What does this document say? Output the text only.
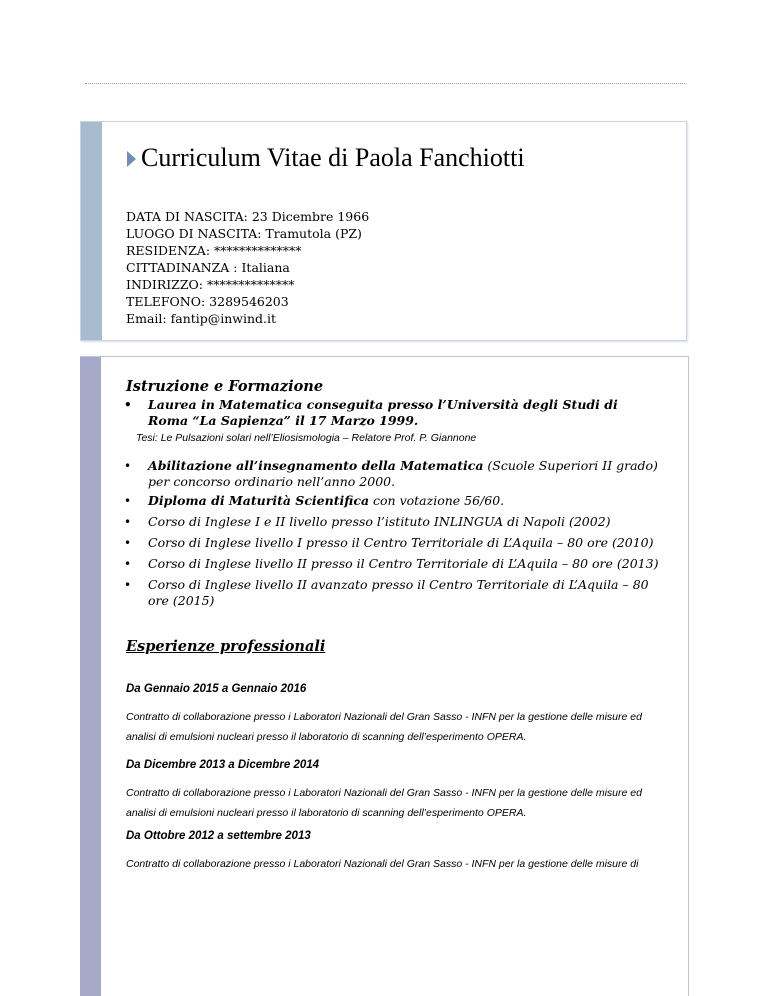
Curriculum Vitae di Paola Fanchiotti
DATA DI NASCITA: 23 Dicembre 1966
LUOGO DI NASCITA: Tramutola (PZ)
RESIDENZA: **************
CITTADINANZA : Italiana
INDIRIZZO: **************
TELEFONO: 3289546203
Email: fantip@inwind.it
Istruzione e Formazione
• Laurea in Matematica conseguita presso l’Università degli Studi di
Roma “La Sapienza” il 17 Marzo 1999.
Tesi: Le Pulsazioni solari nell’Eliosismologia – Relatore Prof. P. Giannone
• Abilitazione all’insegnamento della Matematica (Scuole Superiori II grado)
per concorso ordinario nell’anno 2000.
• Diploma di Maturità Scientifica con votazione 56/60.
• Corso di Inglese I e II livello presso l’istituto INLINGUA di Napoli (2002)
• Corso di Inglese livello I presso il Centro Territoriale di L’Aquila – 80 ore (2010)
• Corso di Inglese livello II presso il Centro Territoriale di L’Aquila – 80 ore (2013)
• Corso di Inglese livello II avanzato presso il Centro Territoriale di L’Aquila – 80
ore (2015)
Esperienze professionali
Da Gennaio 2015 a Gennaio 2016
Contratto di collaborazione presso i Laboratori Nazionali del Gran Sasso - INFN per la gestione delle misure ed
analisi di emulsioni nucleari presso il laboratorio di scanning dell’esperimento OPERA.
Da Dicembre 2013 a Dicembre 2014
Contratto di collaborazione presso i Laboratori Nazionali del Gran Sasso - INFN per la gestione delle misure ed
analisi di emulsioni nucleari presso il laboratorio di scanning dell’esperimento OPERA.
Da Ottobre 2012 a settembre 2013
Contratto di collaborazione presso i Laboratori Nazionali del Gran Sasso - INFN per la gestione delle misure di
